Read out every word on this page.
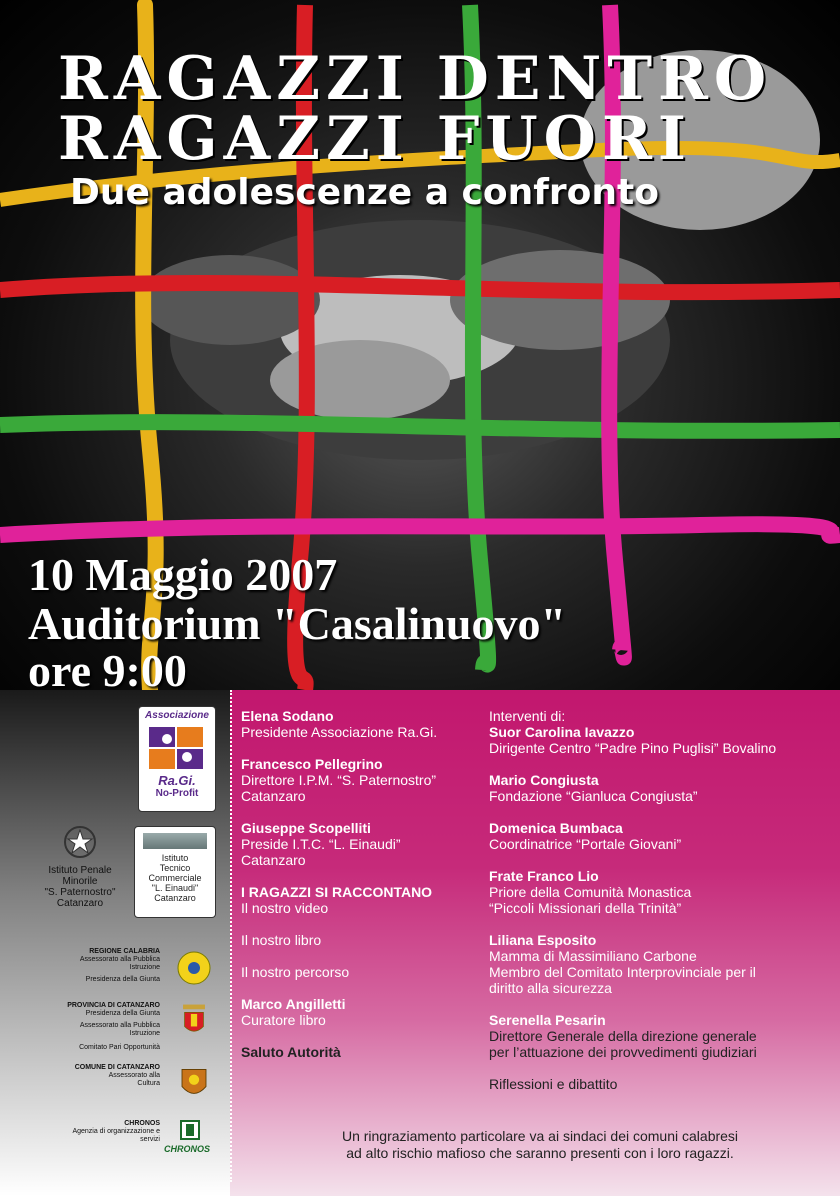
RAGAZZI DENTRO
RAGAZZI FUORI
Due adolescenze a confronto
10 Maggio 2007
Auditorium "Casalinuovo"
ore 9:00
Associazione
Ra.Gi.
No-Profit
Istituto Penale
Minorile
"S. Paternostro"
Catanzaro
Istituto
Tecnico
Commerciale
"L. Einaudi"
Catanzaro
REGIONE CALABRIA
Assessorato alla Pubblica
Istruzione
Presidenza della Giunta
PROVINCIA DI CATANZARO
Presidenza della Giunta
Assessorato alla Pubblica
Istruzione
Comitato Pari Opportunità
COMUNE DI CATANZARO
Assessorato alla
Cultura
CHRONOS
Agenzia di organizzazione e
servizi
CHRONOS
Elena Sodano
Presidente Associazione Ra.Gi.
Francesco Pellegrino
Direttore I.P.M. “S. Paternostro”
Catanzaro
Giuseppe Scopelliti
Preside I.T.C. “L. Einaudi”
Catanzaro
I RAGAZZI SI RACCONTANO
Il nostro video
Il nostro libro
Il nostro percorso
Marco Angilletti
Curatore libro
Saluto Autorità
Interventi di:
Suor Carolina Iavazzo
Dirigente Centro “Padre Pino Puglisi” Bovalino
Mario Congiusta
Fondazione “Gianluca Congiusta”
Domenica Bumbaca
Coordinatrice “Portale Giovani”
Frate Franco Lio
Priore della Comunità Monastica
“Piccoli Missionari della Trinità”
Liliana Esposito
Mamma di Massimiliano Carbone
Membro del Comitato Interprovinciale per il
diritto alla sicurezza
Serenella Pesarin
Direttore Generale della direzione generale
per l’attuazione dei provvedimenti giudiziari
Riflessioni e dibattito
Un ringraziamento particolare va ai sindaci dei comuni calabresi
ad alto rischio mafioso che saranno presenti con i loro ragazzi.
